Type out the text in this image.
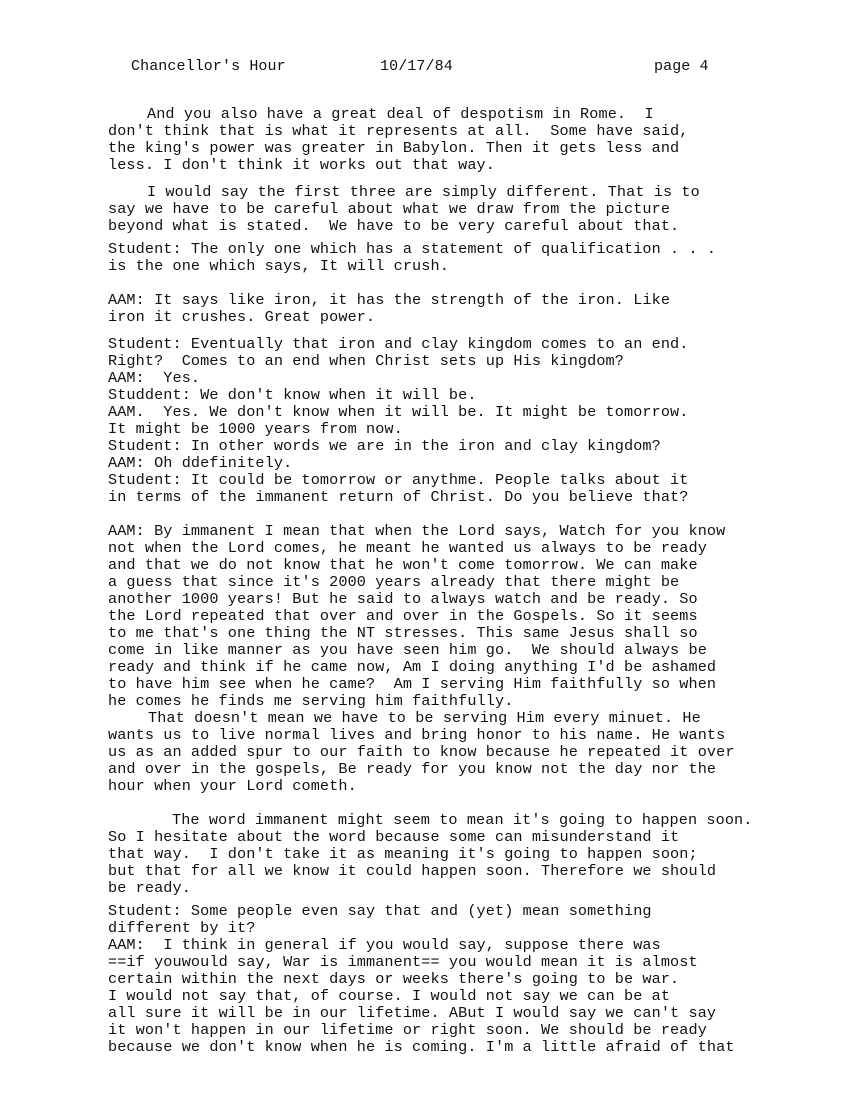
Chancellor's Hour	10/17/84	page 4
And you also have a great deal of despotism in Rome.  I
don't think that is what it represents at all.  Some have said,
the king's power was greater in Babylon. Then it gets less and
less. I don't think it works out that way.
I would say the first three are simply different. That is to
say we have to be careful about what we draw from the picture
beyond what is stated.  We have to be very careful about that.
Student: The only one which has a statement of qualification . . .
is the one which says, It will crush.
AAM: It says like iron, it has the strength of the iron. Like
iron it crushes. Great power.
Student: Eventually that iron and clay kingdom comes to an end.
Right?  Comes to an end when Christ sets up His kingdom?
AAM:  Yes.
Studdent: We don't know when it will be.
AAM.  Yes. We don't know when it will be. It might be tomorrow.
It might be 1000 years from now.
Student: In other words we are in the iron and clay kingdom?
AAM: Oh ddefinitely.
Student: It could be tomorrow or anythme. People talks about it
in terms of the immanent return of Christ. Do you believe that?
AAM: By immanent I mean that when the Lord says, Watch for you know
not when the Lord comes, he meant he wanted us always to be ready
and that we do not know that he won't come tomorrow. We can make
a guess that since it's 2000 years already that there might be
another 1000 years! But he said to always watch and be ready. So
the Lord repeated that over and over in the Gospels. So it seems
to me that's one thing the NT stresses. This same Jesus shall so
come in like manner as you have seen him go.  We should always be
ready and think if he came now, Am I doing anything I'd be ashamed
to have him see when he came?  Am I serving Him faithfully so when
he comes he finds me serving him faithfully.
That doesn't mean we have to be serving Him every minuet. He
wants us to live normal lives and bring honor to his name. He wants
us as an added spur to our faith to know because he repeated it over
and over in the gospels, Be ready for you know not the day nor the
hour when your Lord cometh.
The word immanent might seem to mean it's going to happen soon.
So I hesitate about the word because some can misunderstand it
that way.  I don't take it as meaning it's going to happen soon;
but that for all we know it could happen soon. Therefore we should
be ready.
Student: Some people even say that and (yet) mean something
different by it?
AAM:  I think in general if you would say, suppose there was
==if youwould say, War is immanent== you would mean it is almost
certain within the next days or weeks there's going to be war.
I would not say that, of course. I would not say we can be at
all sure it will be in our lifetime. ABut I would say we can't say
it won't happen in our lifetime or right soon. We should be ready
because we don't know when he is coming. I'm a little afraid of that
